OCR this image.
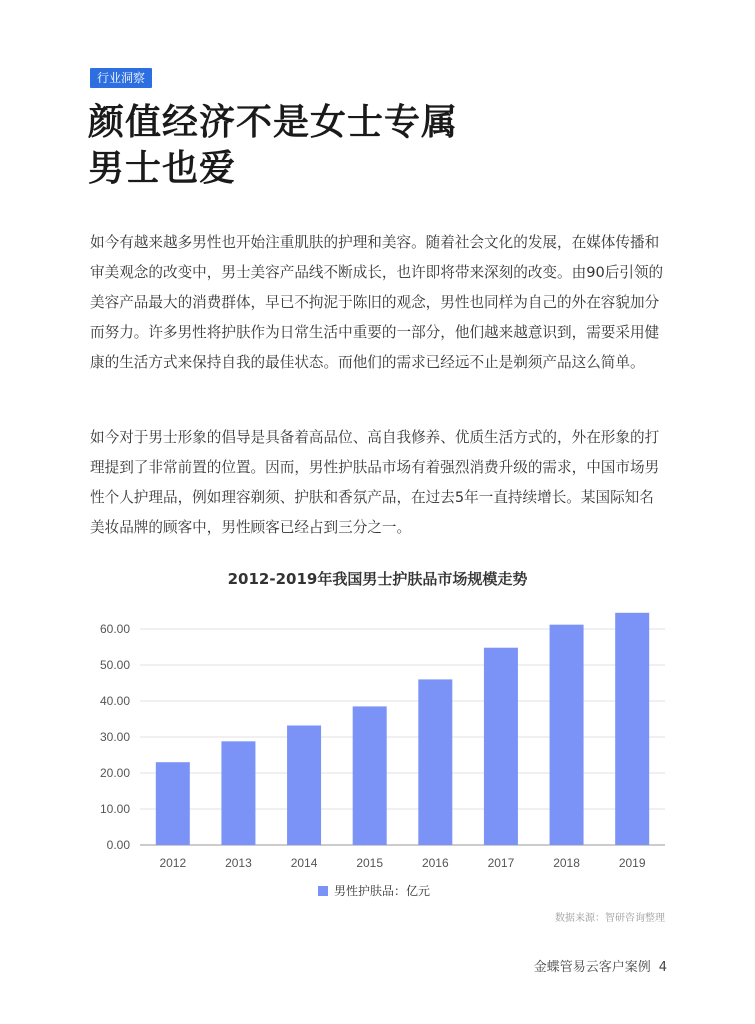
行业洞察
颜值经济不是女士专属
男士也爱

如今有越来越多男性也开始注重肌肤的护理和美容。随着社会文化的发展，在媒体传播和审美观念的改变中，男士美容产品线不断成长，也许即将带来深刻的改变。由90后引领的美容产品最大的消费群体，早已不拘泥于陈旧的观念，男性也同样为自己的外在容貌加分而努力。许多男性将护肤作为日常生活中重要的一部分，他们越来越意识到，需要采用健康的生活方式来保持自我的最佳状态。而他们的需求已经远不止是剃须产品这么简单。

如今对于男士形象的倡导是具备着高品位、高自我修养、优质生活方式的，外在形象的打理提到了非常前置的位置。因而，男性护肤品市场有着强烈消费升级的需求，中国市场男性个人护理品，例如理容剃须、护肤和香氛产品，在过去5年一直持续增长。某国际知名美妆品牌的顾客中，男性顾客已经占到三分之一。

2012-2019年我国男士护肤品市场规模走势
0.00
10.00
20.00
30.00
40.00
50.00
60.00
2012	2013	2014	2015	2016	2017	2018	2019
男性护肤品：亿元
数据来源：智研咨询整理
金蝶管易云客户案例 4
